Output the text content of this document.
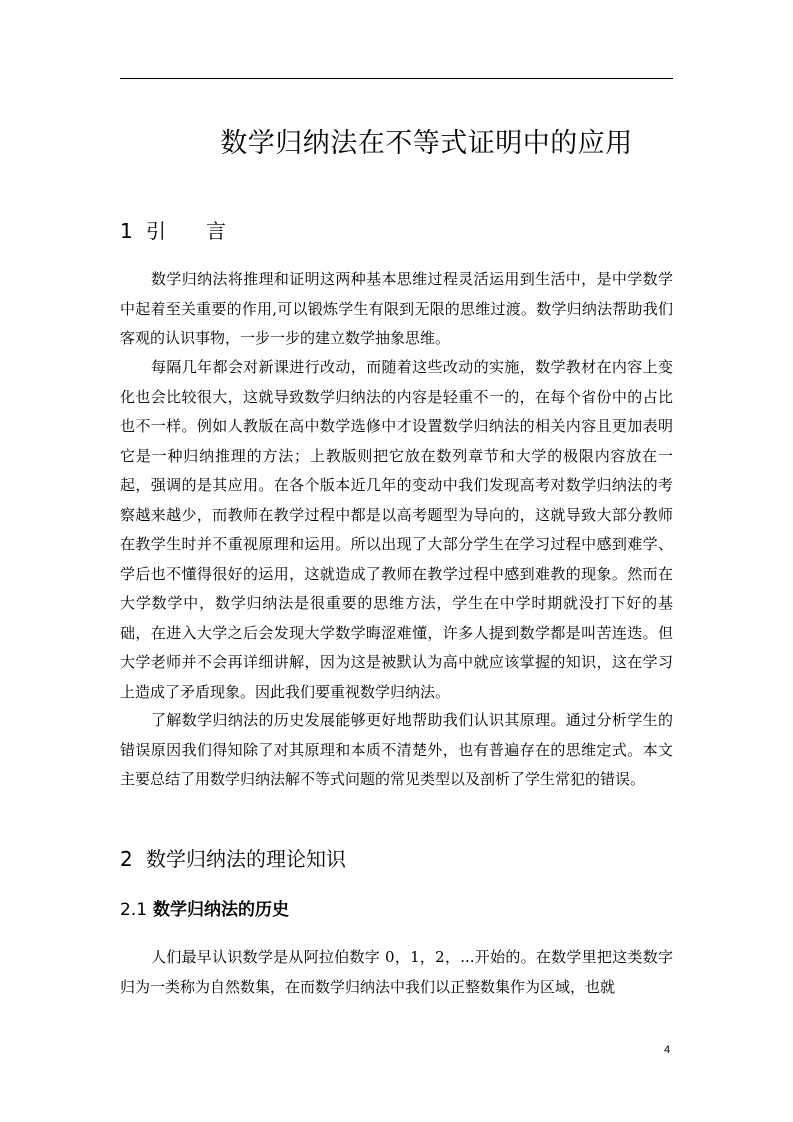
数学归纳法在不等式证明中的应用
1 引 言

数学归纳法将推理和证明这两种基本思维过程灵活运用到生活中，是中学数学中起着至关重要的作用,可以锻炼学生有限到无限的思维过渡。数学归纳法帮助我们客观的认识事物，一步一步的建立数学抽象思维。

每隔几年都会对新课进行改动，而随着这些改动的实施，数学教材在内容上变化也会比较很大，这就导致数学归纳法的内容是轻重不一的，在每个省份中的占比也不一样。例如人教版在高中数学选修中才设置数学归纳法的相关内容且更加表明它是一种归纳推理的方法；上教版则把它放在数列章节和大学的极限内容放在一起，强调的是其应用。在各个版本近几年的变动中我们发现高考对数学归纳法的考察越来越少，而教师在教学过程中都是以高考题型为导向的，这就导致大部分教师在教学生时并不重视原理和运用。所以出现了大部分学生在学习过程中感到难学、学后也不懂得很好的运用，这就造成了教师在教学过程中感到难教的现象。然而在大学数学中，数学归纳法是很重要的思维方法，学生在中学时期就没打下好的基础，在进入大学之后会发现大学数学晦涩难懂，许多人提到数学都是叫苦连迭。但大学老师并不会再详细讲解，因为这是被默认为高中就应该掌握的知识，这在学习上造成了矛盾现象。因此我们要重视数学归纳法。

了解数学归纳法的历史发展能够更好地帮助我们认识其原理。通过分析学生的错误原因我们得知除了对其原理和本质不清楚外，也有普遍存在的思维定式。本文主要总结了用数学归纳法解不等式问题的常见类型以及剖析了学生常犯的错误。

2 数学归纳法的理论知识
2.1 数学归纳法的历史

人们最早认识数学是从阿拉伯数字 0，1，2，...开始的。在数学里把这类数字归为一类称为自然数集，在而数学归纳法中我们以正整数集作为区域，也就

4
